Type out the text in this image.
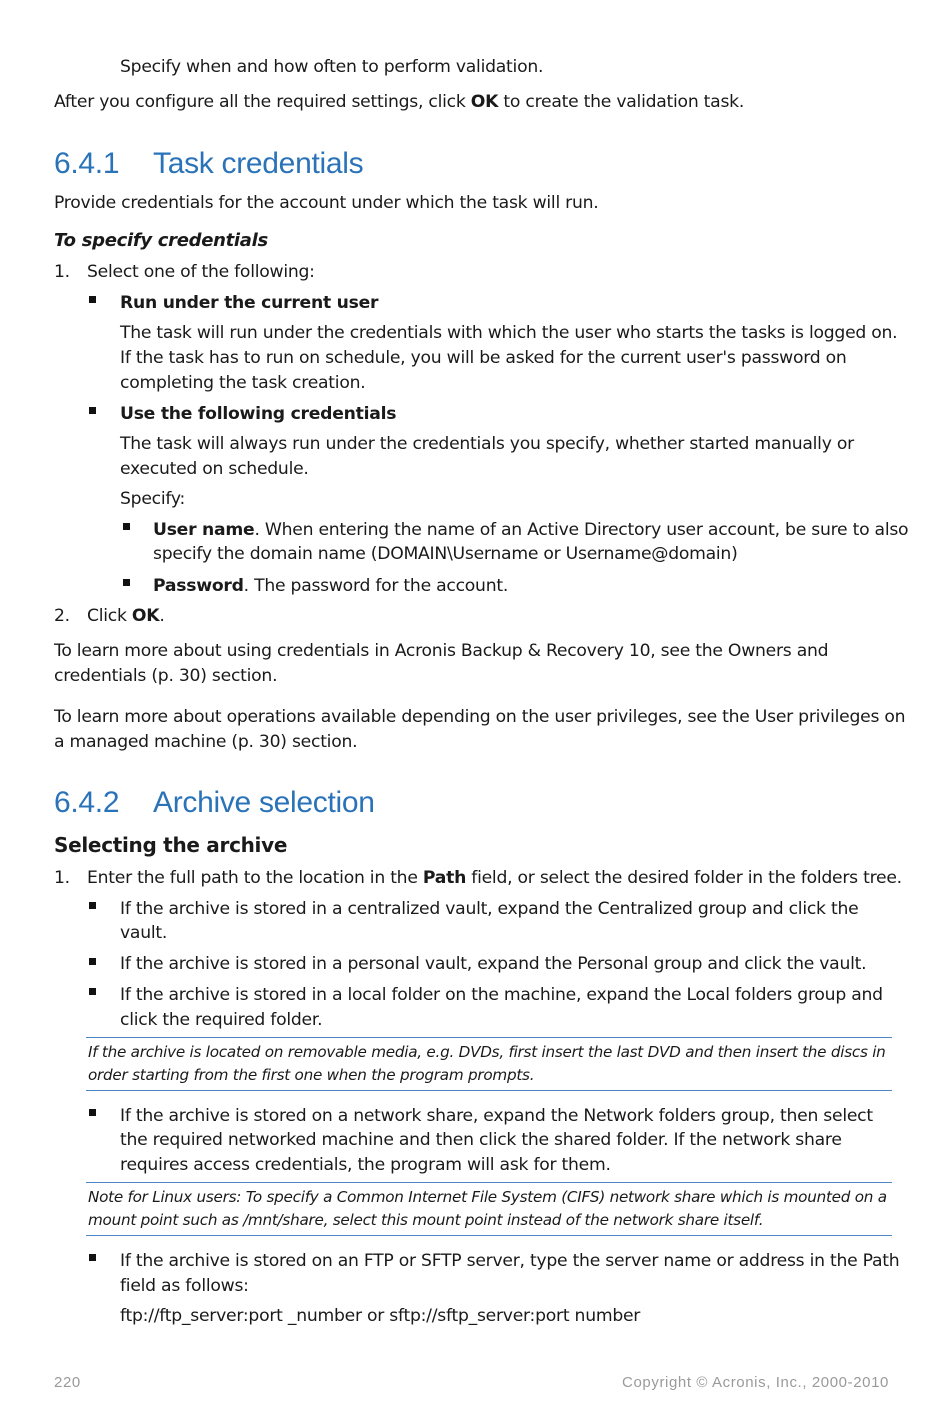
Specify when and how often to perform validation.
After you configure all the required settings, click OK to create the validation task.
6.4.1 Task credentials
Provide credentials for the account under which the task will run.
To specify credentials
1. Select one of the following:
Run under the current user
The task will run under the credentials with which the user who starts the tasks is logged on.
If the task has to run on schedule, you will be asked for the current user's password on
completing the task creation.
Use the following credentials
The task will always run under the credentials you specify, whether started manually or
executed on schedule.
Specify:
User name. When entering the name of an Active Directory user account, be sure to also
specify the domain name (DOMAIN\Username or Username@domain)
Password. The password for the account.
2. Click OK.
To learn more about using credentials in Acronis Backup & Recovery 10, see the Owners and
credentials (p. 30) section.
To learn more about operations available depending on the user privileges, see the User privileges on
a managed machine (p. 30) section.
6.4.2 Archive selection
Selecting the archive
1. Enter the full path to the location in the Path field, or select the desired folder in the folders tree.
If the archive is stored in a centralized vault, expand the Centralized group and click the
vault.
If the archive is stored in a personal vault, expand the Personal group and click the vault.
If the archive is stored in a local folder on the machine, expand the Local folders group and
click the required folder.
If the archive is located on removable media, e.g. DVDs, first insert the last DVD and then insert the discs in
order starting from the first one when the program prompts.
If the archive is stored on a network share, expand the Network folders group, then select
the required networked machine and then click the shared folder. If the network share
requires access credentials, the program will ask for them.
Note for Linux users: To specify a Common Internet File System (CIFS) network share which is mounted on a
mount point such as /mnt/share, select this mount point instead of the network share itself.
If the archive is stored on an FTP or SFTP server, type the server name or address in the Path
field as follows:
ftp://ftp_server:port _number or sftp://sftp_server:port number
220	Copyright © Acronis, Inc., 2000-2010
